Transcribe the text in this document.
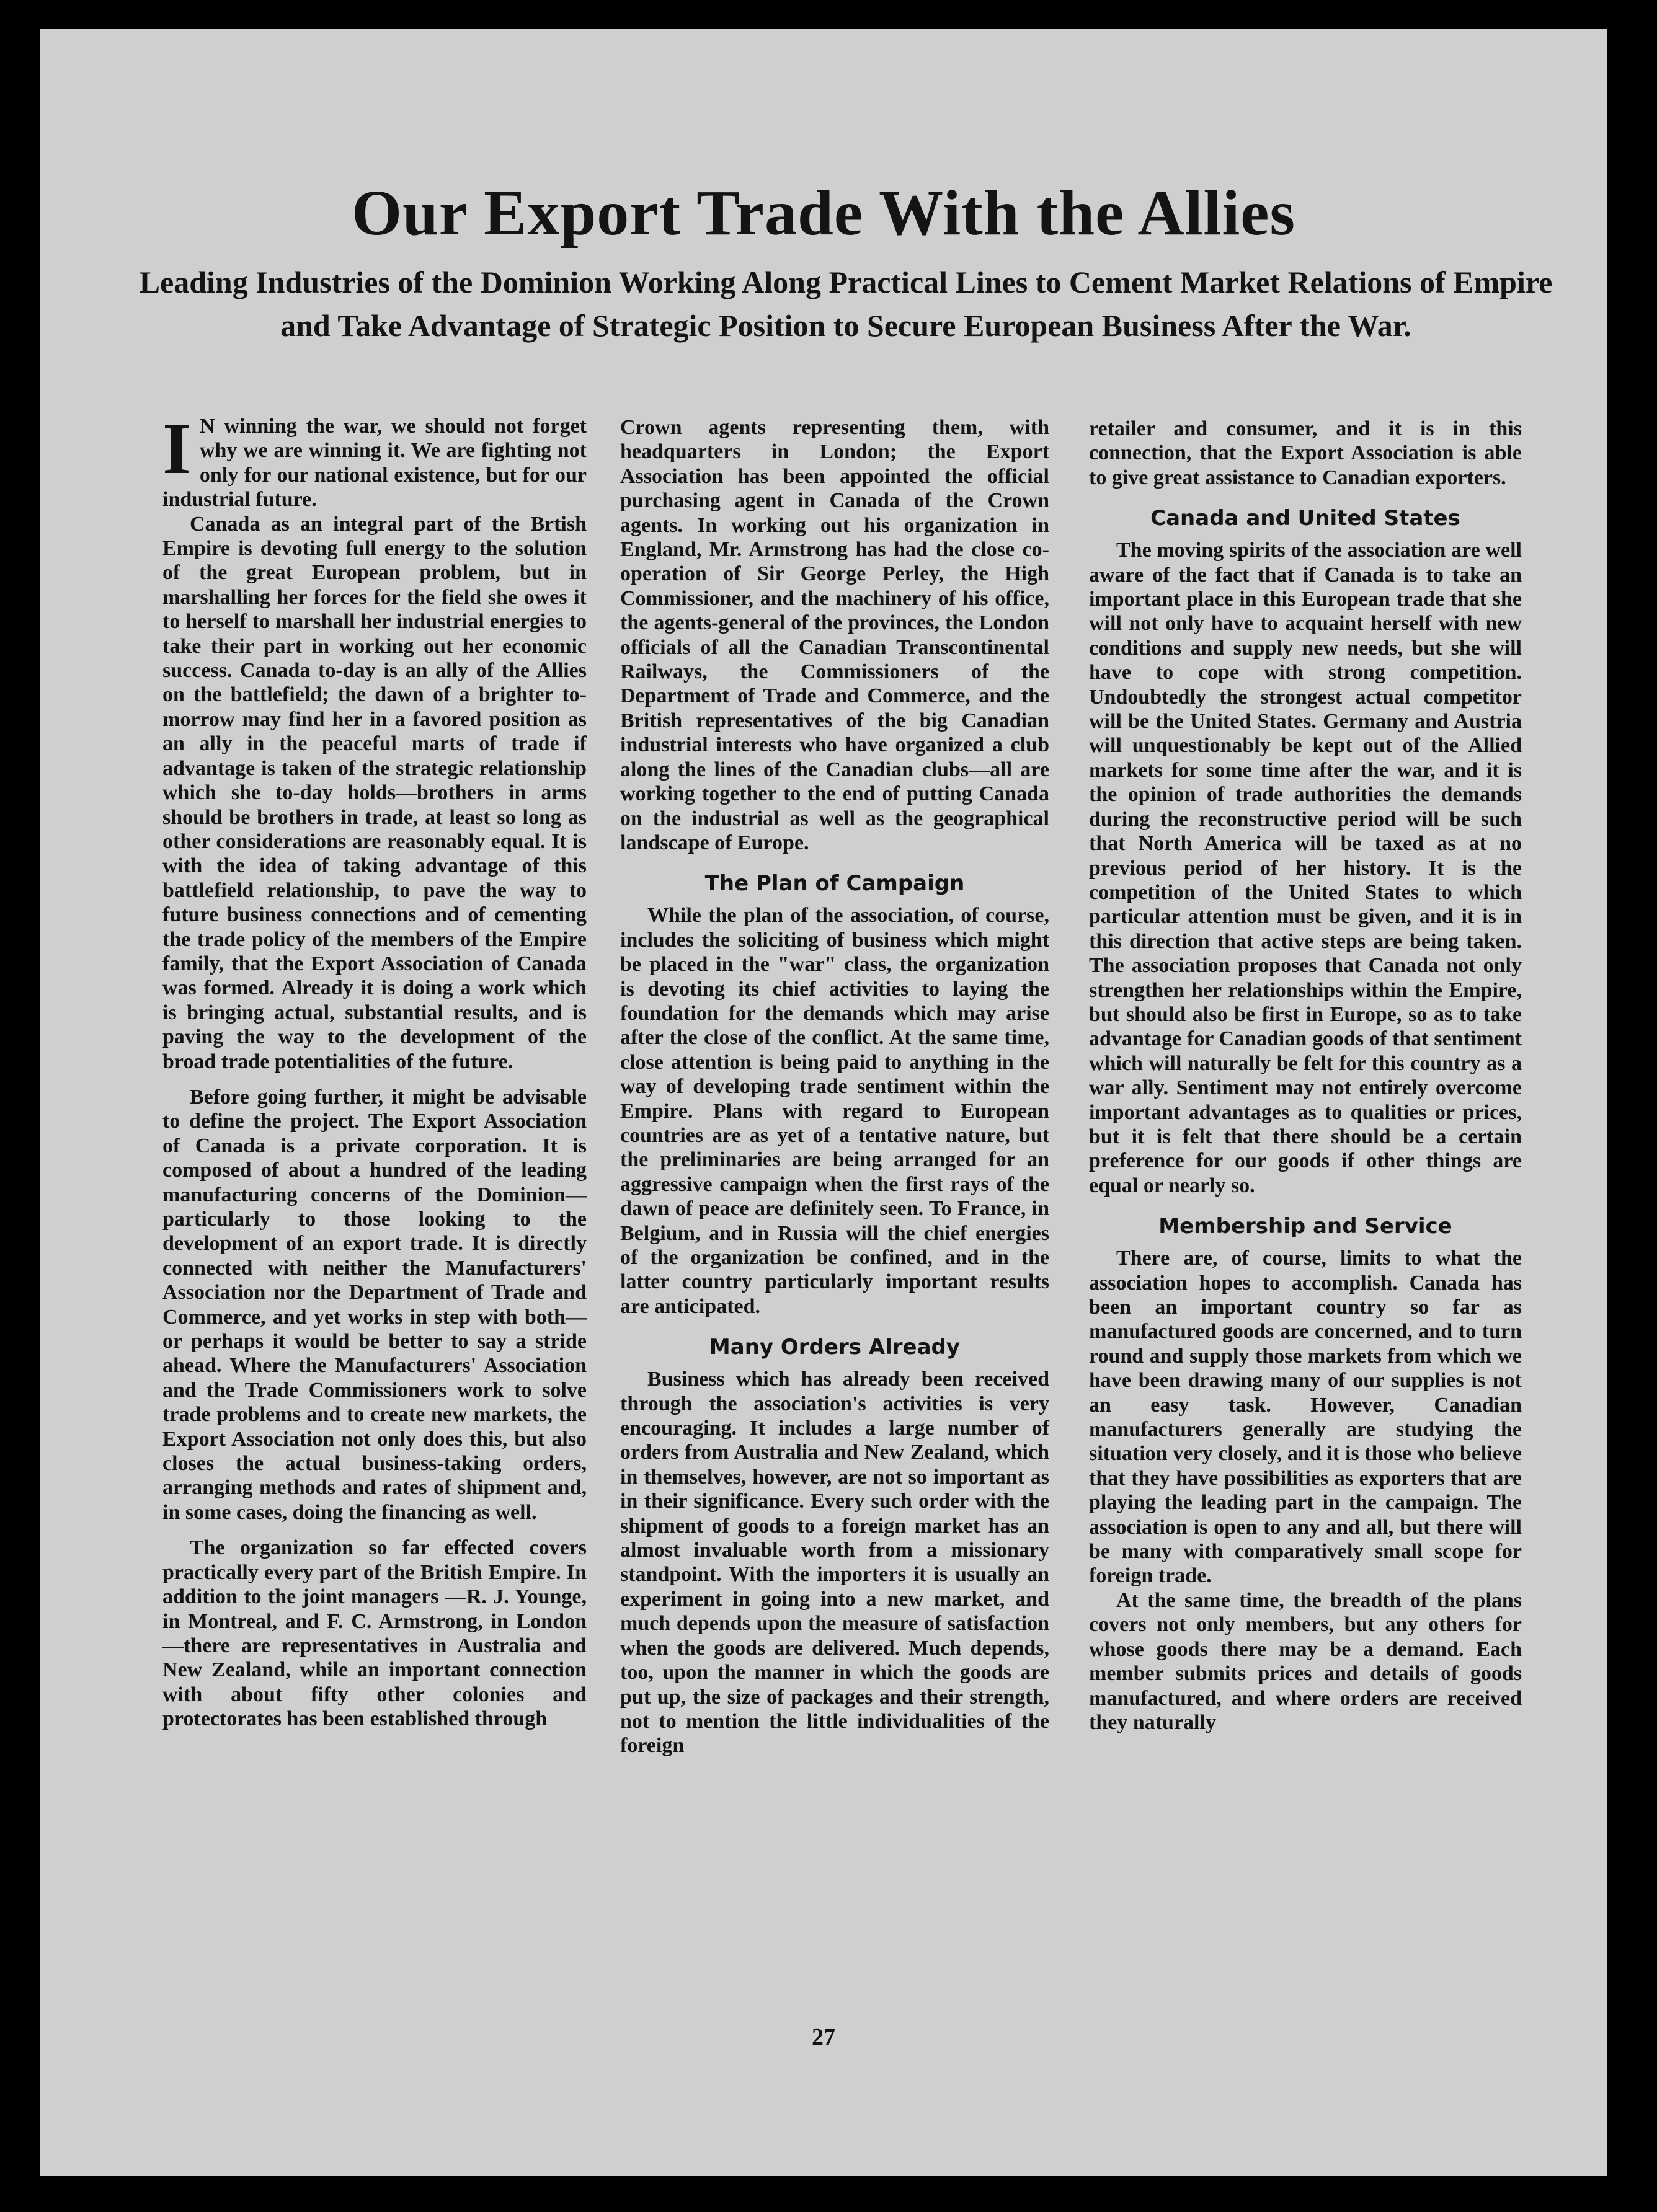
Our Export Trade With the Allies
Leading Industries of the Dominion Working Along Practical Lines to Cement Market Relations of Empire and Take Advantage of Strategic Position to Secure European Business After the War.

I N winning the war, we should not forget why we are winning it. We are fighting not only for our national existence, but for our industrial future.

Canada as an integral part of the Brtish Empire is devoting full energy to the solution of the great European problem, but in marshalling her forces for the field she owes it to herself to marshall her industrial energies to take their part in working out her economic success. Canada to-day is an ally of the Allies on the battlefield; the dawn of a brighter to-morrow may find her in a favored position as an ally in the peaceful marts of trade if advantage is taken of the strategic relationship which she to-day holds—brothers in arms should be brothers in trade, at least so long as other considerations are reasonably equal. It is with the idea of taking advantage of this battlefield relationship, to pave the way to future business connections and of cementing the trade policy of the members of the Empire family, that the Export Association of Canada was formed. Already it is doing a work which is bringing actual, substantial results, and is paving the way to the development of the broad trade potentialities of the future.

Before going further, it might be advisable to define the project. The Export Association of Canada is a private corporation. It is composed of about a hundred of the leading manufacturing concerns of the Dominion—particularly to those looking to the development of an export trade. It is directly connected with neither the Manufacturers' Association nor the Department of Trade and Commerce, and yet works in step with both—or perhaps it would be better to say a stride ahead. Where the Manufacturers' Association and the Trade Commissioners work to solve trade problems and to create new markets, the Export Association not only does this, but also closes the actual business-taking orders, arranging methods and rates of shipment and, in some cases, doing the financing as well.

The organization so far effected covers practically every part of the British Empire. In addition to the joint managers —R. J. Younge, in Montreal, and F. C. Armstrong, in London—there are representatives in Australia and New Zealand, while an important connection with about fifty other colonies and protectorates has been established through

Crown agents representing them, with headquarters in London; the Export Association has been appointed the official purchasing agent in Canada of the Crown agents. In working out his organization in England, Mr. Armstrong has had the close co-operation of Sir George Perley, the High Commissioner, and the machinery of his office, the agents-general of the provinces, the London officials of all the Canadian Transcontinental Railways, the Commissioners of the Department of Trade and Commerce, and the British representatives of the big Canadian industrial interests who have organized a club along the lines of the Canadian clubs—all are working together to the end of putting Canada on the industrial as well as the geographical landscape of Europe.

The Plan of Campaign

While the plan of the association, of course, includes the soliciting of business which might be placed in the "war" class, the organization is devoting its chief activities to laying the foundation for the demands which may arise after the close of the conflict. At the same time, close attention is being paid to anything in the way of developing trade sentiment within the Empire. Plans with regard to European countries are as yet of a tentative nature, but the preliminaries are being arranged for an aggressive campaign when the first rays of the dawn of peace are definitely seen. To France, in Belgium, and in Russia will the chief energies of the organization be confined, and in the latter country particularly important results are anticipated.

Many Orders Already

Business which has already been received through the association's activities is very encouraging. It includes a large number of orders from Australia and New Zealand, which in themselves, however, are not so important as in their significance. Every such order with the shipment of goods to a foreign market has an almost invaluable worth from a missionary standpoint. With the importers it is usually an experiment in going into a new market, and much depends upon the measure of satisfaction when the goods are delivered. Much depends, too, upon the manner in which the goods are put up, the size of packages and their strength, not to mention the little individualities of the foreign

retailer and consumer, and it is in this connection, that the Export Association is able to give great assistance to Canadian exporters.

Canada and United States

The moving spirits of the association are well aware of the fact that if Canada is to take an important place in this European trade that she will not only have to acquaint herself with new conditions and supply new needs, but she will have to cope with strong competition. Undoubtedly the strongest actual competitor will be the United States. Germany and Austria will unquestionably be kept out of the Allied markets for some time after the war, and it is the opinion of trade authorities the demands during the reconstructive period will be such that North America will be taxed as at no previous period of her history. It is the competition of the United States to which particular attention must be given, and it is in this direction that active steps are being taken. The association proposes that Canada not only strengthen her relationships within the Empire, but should also be first in Europe, so as to take advantage for Canadian goods of that sentiment which will naturally be felt for this country as a war ally. Sentiment may not entirely overcome important advantages as to qualities or prices, but it is felt that there should be a certain preference for our goods if other things are equal or nearly so.

Membership and Service

There are, of course, limits to what the association hopes to accomplish. Canada has been an important country so far as manufactured goods are concerned, and to turn round and supply those markets from which we have been drawing many of our supplies is not an easy task. However, Canadian manufacturers generally are studying the situation very closely, and it is those who believe that they have possibilities as exporters that are playing the leading part in the campaign. The association is open to any and all, but there will be many with comparatively small scope for foreign trade.

At the same time, the breadth of the plans covers not only members, but any others for whose goods there may be a demand. Each member submits prices and details of goods manufactured, and where orders are received they naturally

27
